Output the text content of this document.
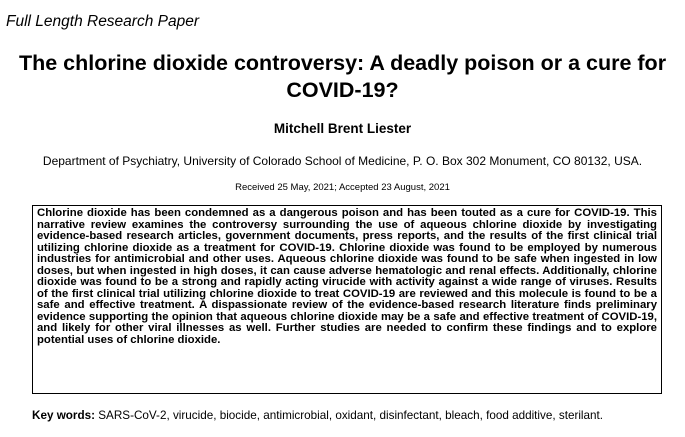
Full Length Research Paper
The chlorine dioxide controversy: A deadly poison or a cure for COVID-19?
Mitchell Brent Liester
Department of Psychiatry, University of Colorado School of Medicine, P. O. Box 302 Monument, CO 80132, USA.
Received 25 May, 2021; Accepted 23 August, 2021

Chlorine dioxide has been condemned as a dangerous poison and has been touted as a cure for COVID-19. This narrative review examines the controversy surrounding the use of aqueous chlorine dioxide by investigating evidence-based research articles, government documents, press reports, and the results of the first clinical trial utilizing chlorine dioxide as a treatment for COVID-19. Chlorine dioxide was found to be employed by numerous industries for antimicrobial and other uses. Aqueous chlorine dioxide was found to be safe when ingested in low doses, but when ingested in high doses, it can cause adverse hematologic and renal effects. Additionally, chlorine dioxide was found to be a strong and rapidly acting virucide with activity against a wide range of viruses. Results of the first clinical trial utilizing chlorine dioxide to treat COVID-19 are reviewed and this molecule is found to be a safe and effective treatment. A dispassionate review of the evidence-based research literature finds preliminary evidence supporting the opinion that aqueous chlorine dioxide may be a safe and effective treatment of COVID-19, and likely for other viral illnesses as well. Further studies are needed to confirm these findings and to explore potential uses of chlorine dioxide.

Key words: SARS-CoV-2, virucide, biocide, antimicrobial, oxidant, disinfectant, bleach, food additive, sterilant.
